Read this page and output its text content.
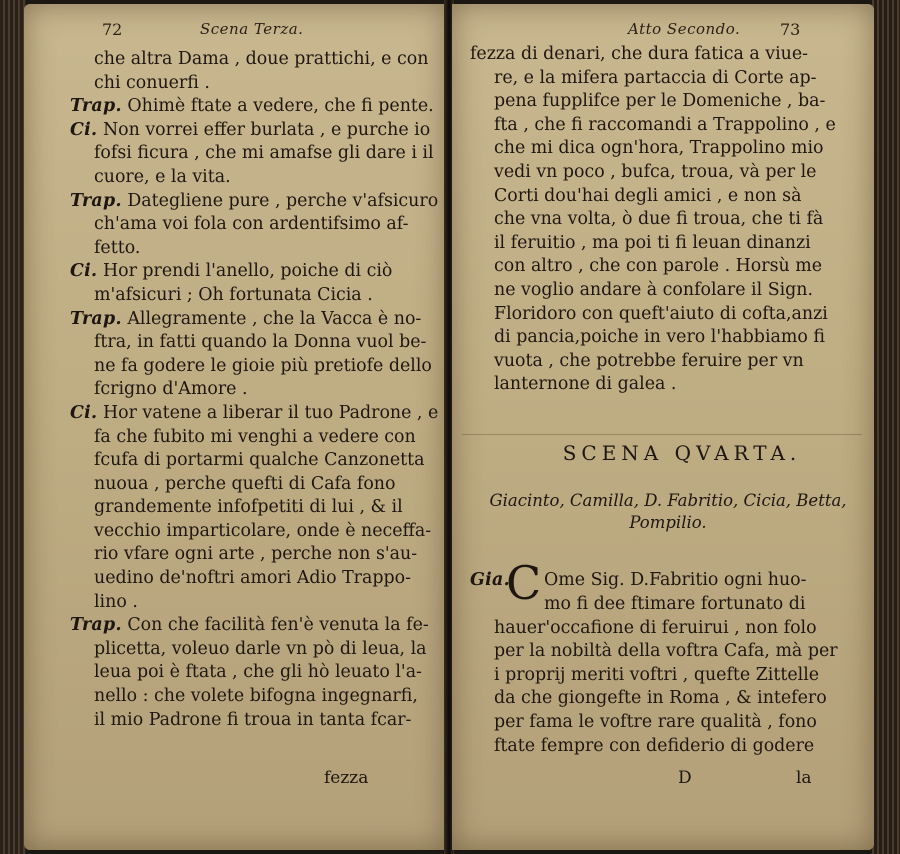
72	Scena Terza.
che altra Dama , doue prattichi, e con
chi conuerfi .
Trap. Ohimè ftate a vedere, che fi pente.
Ci. Non vorrei effer burlata , e purche io
fofsi ficura , che mi amafse gli dare i il
cuore, e la vita.
Trap. Dategliene pure , perche v'afsicuro
ch'ama voi fola con ardentifsimo af-
fetto.
Ci. Hor prendi l'anello, poiche di ciò
m'afsicuri ; Oh fortunata Cicia .
Trap. Allegramente , che la Vacca è no-
ftra, in fatti quando la Donna vuol be-
ne fa godere le gioie più pretiofe dello
fcrigno d'Amore .
Ci. Hor vatene a liberar il tuo Padrone , e
fa che fubito mi venghi a vedere con
fcufa di portarmi qualche Canzonetta
nuoua , perche quefti di Cafa fono
grandemente infofpetiti di lui , & il
vecchio imparticolare, onde è neceffa-
rio vfare ogni arte , perche non s'au-
uedino de'noftri amori Adio Trappo-
lino .
Trap. Con che facilità fen'è venuta la fe-
plicetta, voleuo darle vn pò di leua, la
leua poi è ftata , che gli hò leuato l'a-
nello : che volete bifogna ingegnarfi,
il mio Padrone fi troua in tanta fcar-
fezza
Atto Secondo. 73
fezza di denari, che dura fatica a viue-
re, e la mifera partaccia di Corte ap-
pena fupplifce per le Domeniche , ba-
fta , che fi raccomandi a Trappolino , e
che mi dica ogn'hora, Trappolino mio
vedi vn poco , bufca, troua, và per le
Corti dou'hai degli amici , e non sà
che vna volta, ò due fi troua, che ti fà
il feruitio , ma poi ti fi leuan dinanzi
con altro , che con parole . Horsù me
ne voglio andare à confolare il Sign.
Floridoro con queft'aiuto di cofta,anzi
di pancia,poiche in vero l'habbiamo fi
vuota , che potrebbe feruire per vn
lanternone di galea .
SCENA QVARTA.
Giacinto, Camilla, D. Fabritio, Cicia, Betta,
Pompilio.
Gia.C Ome Sig. D.Fabritio ogni huo-
mo fi dee ftimare fortunato di
hauer'occafione di feruirui , non folo
per la nobiltà della voftra Cafa, mà per
i proprij meriti voftri , quefte Zittelle
da che giongefte in Roma , & intefero
per fama le voftre rare qualità , fono
ftate fempre con defiderio di godere
D	la
